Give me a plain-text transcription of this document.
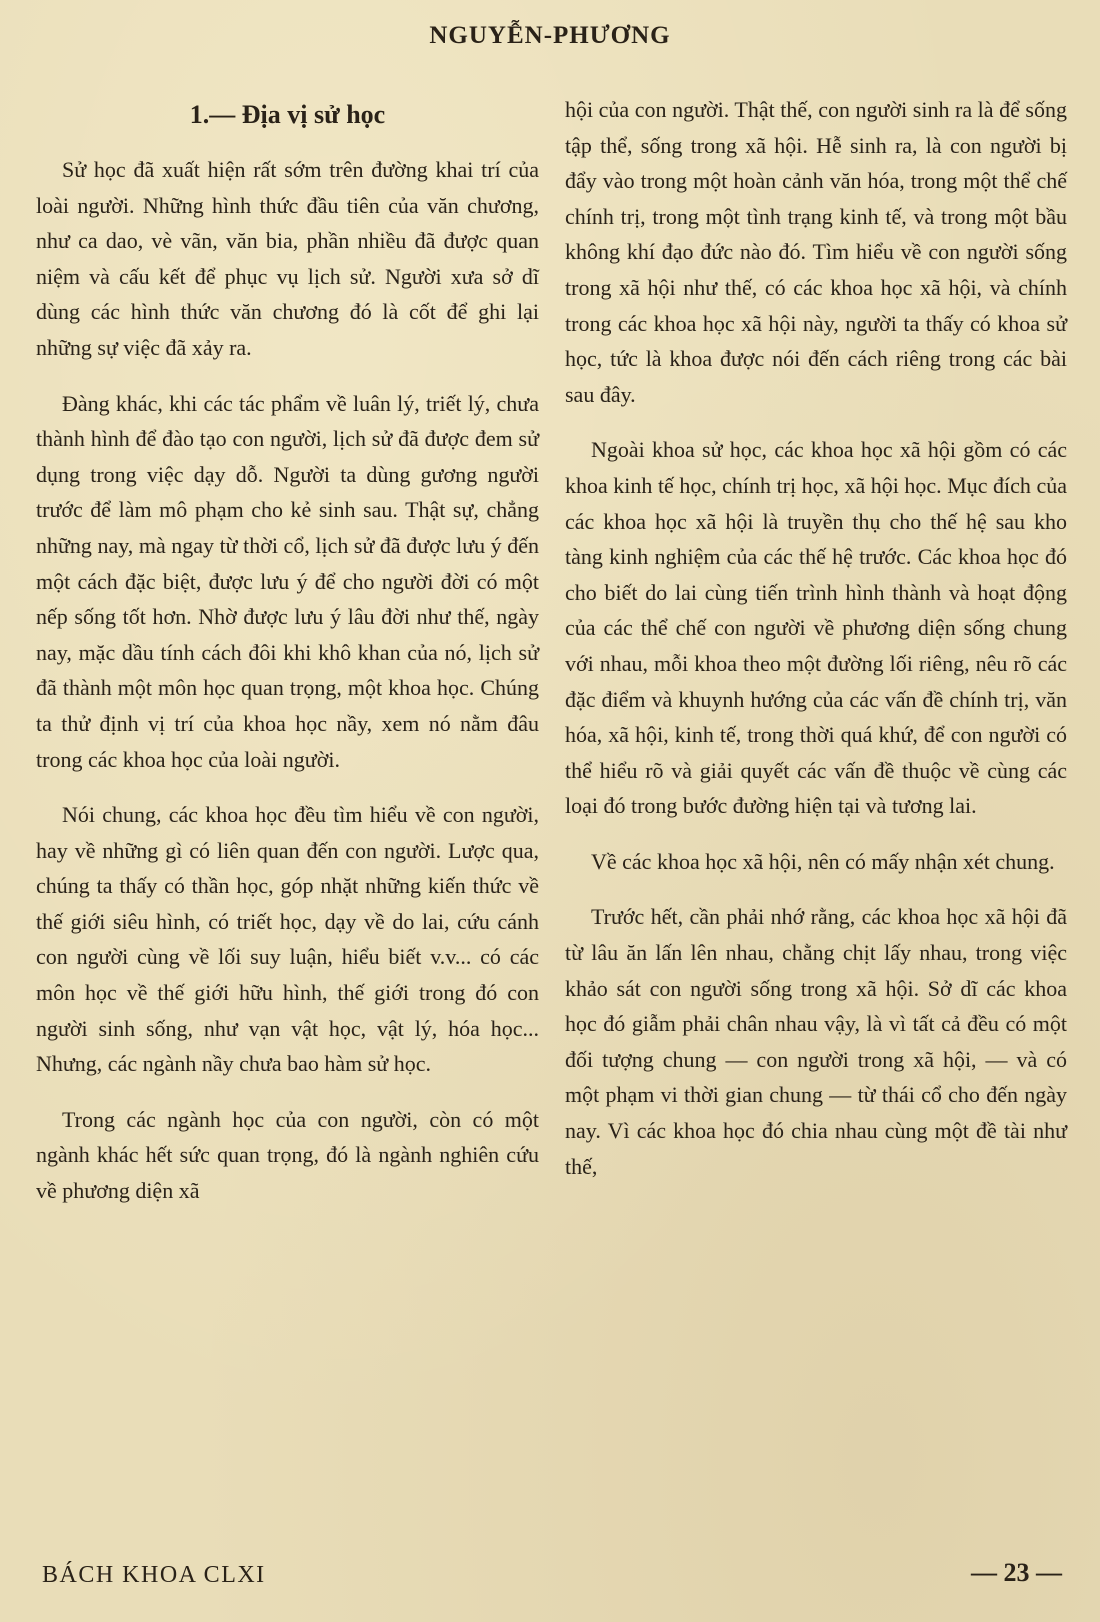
NGUYỄN-PHƯƠNG
1.— Địa vị sử học

Sử học đã xuất hiện rất sớm trên đường khai trí của loài người. Những hình thức đầu tiên của văn chương, như ca dao, vè vãn, văn bia, phần nhiều đã được quan niệm và cấu kết để phục vụ lịch sử. Người xưa sở dĩ dùng các hình thức văn chương đó là cốt để ghi lại những sự việc đã xảy ra.

Đàng khác, khi các tác phẩm về luân lý, triết lý, chưa thành hình để đào tạo con người, lịch sử đã được đem sử dụng trong việc dạy dỗ. Người ta dùng gương người trước để làm mô phạm cho kẻ sinh sau. Thật sự, chẳng những nay, mà ngay từ thời cổ, lịch sử đã được lưu ý đến một cách đặc biệt, được lưu ý để cho người đời có một nếp sống tốt hơn. Nhờ được lưu ý lâu đời như thế, ngày nay, mặc dầu tính cách đôi khi khô khan của nó, lịch sử đã thành một môn học quan trọng, một khoa học. Chúng ta thử định vị trí của khoa học nầy, xem nó nằm đâu trong các khoa học của loài người.

Nói chung, các khoa học đều tìm hiểu về con người, hay về những gì có liên quan đến con người. Lược qua, chúng ta thấy có thần học, góp nhặt những kiến thức về thế giới siêu hình, có triết học, dạy về do lai, cứu cánh con người cùng về lối suy luận, hiểu biết v.v... có các môn học về thế giới hữu hình, thế giới trong đó con người sinh sống, như vạn vật học, vật lý, hóa học... Nhưng, các ngành nầy chưa bao hàm sử học.

Trong các ngành học của con người, còn có một ngành khác hết sức quan trọng, đó là ngành nghiên cứu về phương diện xã

hội của con người. Thật thế, con người sinh ra là để sống tập thể, sống trong xã hội. Hễ sinh ra, là con người bị đẩy vào trong một hoàn cảnh văn hóa, trong một thể chế chính trị, trong một tình trạng kinh tế, và trong một bầu không khí đạo đức nào đó. Tìm hiểu về con người sống trong xã hội như thế, có các khoa học xã hội, và chính trong các khoa học xã hội này, người ta thấy có khoa sử học, tức là khoa được nói đến cách riêng trong các bài sau đây.

Ngoài khoa sử học, các khoa học xã hội gồm có các khoa kinh tế học, chính trị học, xã hội học. Mục đích của các khoa học xã hội là truyền thụ cho thế hệ sau kho tàng kinh nghiệm của các thế hệ trước. Các khoa học đó cho biết do lai cùng tiến trình hình thành và hoạt động của các thể chế con người về phương diện sống chung với nhau, mỗi khoa theo một đường lối riêng, nêu rõ các đặc điểm và khuynh hướng của các vấn đề chính trị, văn hóa, xã hội, kinh tế, trong thời quá khứ, để con người có thể hiểu rõ và giải quyết các vấn đề thuộc về cùng các loại đó trong bước đường hiện tại và tương lai.

Về các khoa học xã hội, nên có mấy nhận xét chung.

Trước hết, cần phải nhớ rằng, các khoa học xã hội đã từ lâu ăn lấn lên nhau, chằng chịt lấy nhau, trong việc khảo sát con người sống trong xã hội. Sở dĩ các khoa học đó giẫm phải chân nhau vậy, là vì tất cả đều có một đối tượng chung — con người trong xã hội, — và có một phạm vi thời gian chung — từ thái cổ cho đến ngày nay. Vì các khoa học đó chia nhau cùng một đề tài như thế,

BÁCH KHOA CLXI	— 23 —
